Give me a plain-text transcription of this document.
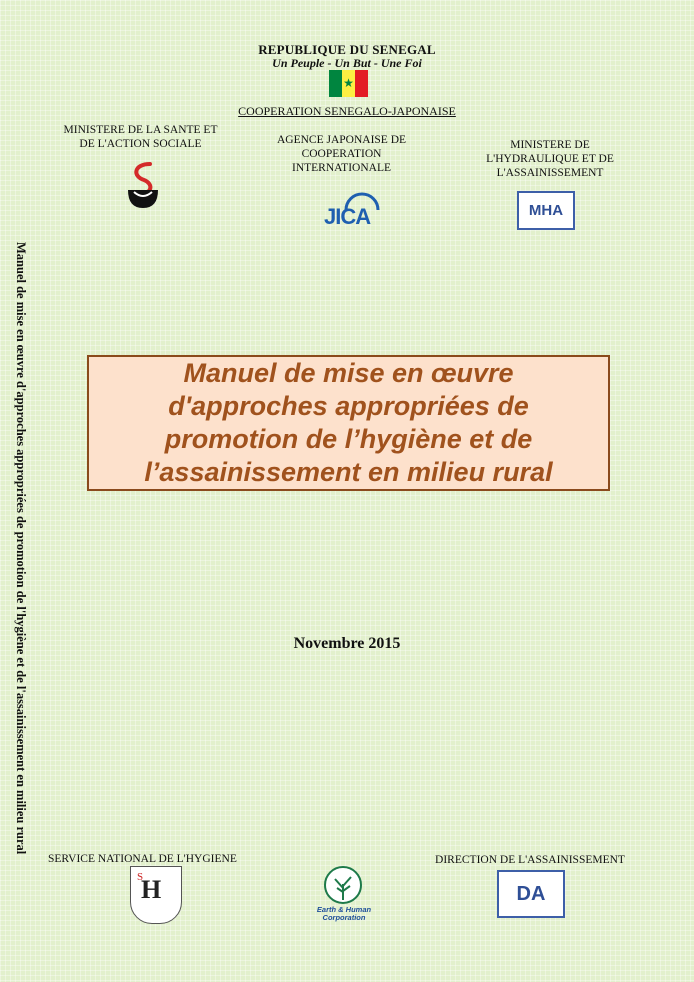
REPUBLIQUE DU SENEGAL
Un Peuple - Un But - Une Foi
★
COOPERATION SENEGALO-JAPONAISE
MINISTERE DE LA SANTE ET
DE L'ACTION SOCIALE	AGENCE JAPONAISE DE
COOPERATION
INTERNATIONALE
JICA
MINISTERE DE
L'HYDRAULIQUE ET DE
L'ASSAINISSEMENT
MHA
Manuel de mise en œuvre d'approches appropriées de promotion de l'hygiène et de l'assainissement en milieu rural	Manuel de mise en œuvre
d'approches appropriées de
promotion de l’hygiène et de
l’assainissement en milieu rural
Novembre 2015
SERVICE NATIONAL DE L'HYGIENE
H
S
Earth & Human
Corporation
DIRECTION DE L'ASSAINISSEMENT
DA
